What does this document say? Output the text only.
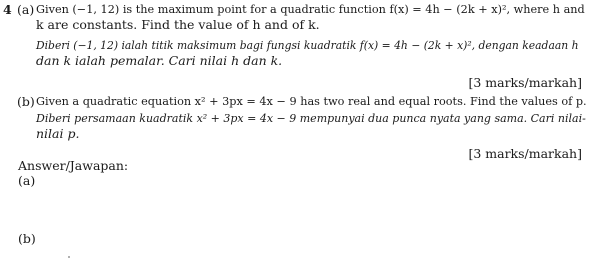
4 (a) Given (−1, 12) is the maximum point for a quadratic function f(x) = 4h − (2k + x)², where h and
k are constants. Find the value of h and of k.
Diberi (−1, 12) ialah titik maksimum bagi fungsi kuadratik f(x) = 4h − (2k + x)², dengan keadaan h
dan k ialah pemalar. Cari nilai h dan k.
[3 marks/markah]
(b) Given a quadratic equation x² + 3px = 4x − 9 has two real and equal roots. Find the values of p.
Diberi persamaan kuadratik x² + 3px = 4x − 9 mempunyai dua punca nyata yang sama. Cari nilai-
nilai p.
[3 marks/markah]
Answer/Jawapan:
(a)
(b)
